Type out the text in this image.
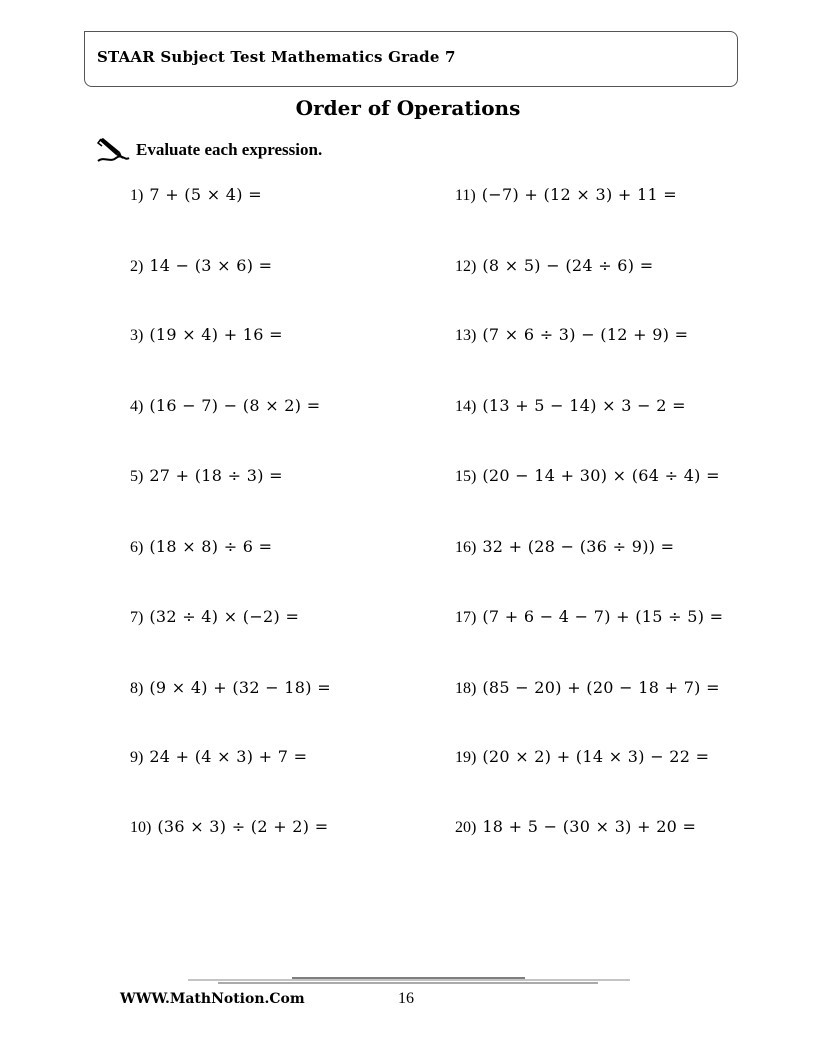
STAAR Subject Test Mathematics Grade 7
Order of Operations
Evaluate each expression.
1) 7 + (5 × 4) =
2) 14 − (3 × 6) =
3) (19 × 4) + 16 =
4) (16 − 7) − (8 × 2) =
5) 27 + (18 ÷ 3) =
6) (18 × 8) ÷ 6 =
7) (32 ÷ 4) × (−2) =
8) (9 × 4) + (32 − 18) =
9) 24 + (4 × 3) + 7 =
10) (36 × 3) ÷ (2 + 2) =
11) (−7) + (12 × 3) + 11 =
12) (8 × 5) − (24 ÷ 6) =
13) (7 × 6 ÷ 3) − (12 + 9) =
14) (13 + 5 − 14) × 3 − 2 =
15) (20 − 14 + 30) × (64 ÷ 4) =
16) 32 + (28 − (36 ÷ 9)) =
17) (7 + 6 − 4 − 7) + (15 ÷ 5) =
18) (85 − 20) + (20 − 18 + 7) =
19) (20 × 2) + (14 × 3) − 22 =
20) 18 + 5 − (30 × 3) + 20 =
WWW.MathNotion.Com	16
